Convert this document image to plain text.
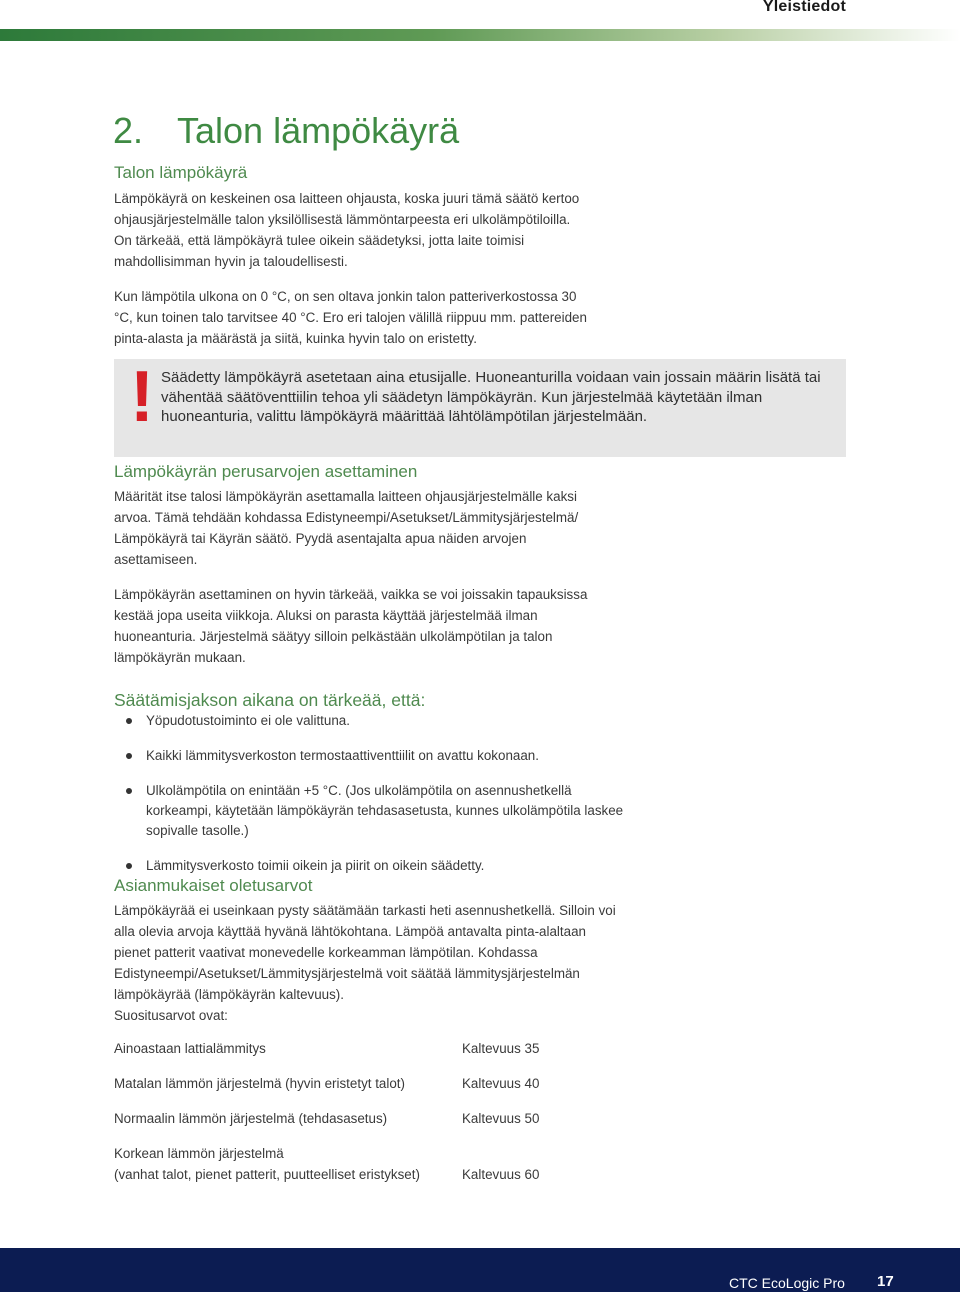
Yleistiedot
2. Talon lämpökäyrä
Talon lämpökäyrä

Lämpökäyrä on keskeinen osa laitteen ohjausta, koska juuri tämä säätö kertoo ohjausjärjestelmälle talon yksilöllisestä lämmöntarpeesta eri ulkolämpötiloilla. On tärkeää, että lämpökäyrä tulee oikein säädetyksi, jotta laite toimisi mahdollisimman hyvin ja taloudellisesti.

Kun lämpötila ulkona on 0 °C, on sen oltava jonkin talon patteriverkostossa 30 °C, kun toinen talo tarvitsee 40 °C. Ero eri talojen välillä riippuu mm. pattereiden pinta-alasta ja määrästä ja siitä, kuinka hyvin talo on eristetty.

! Säädetty lämpökäyrä asetetaan aina etusijalle. Huoneanturilla voidaan vain jossain määrin lisätä tai vähentää säätöventtiilin tehoa yli säädetyn lämpökäyrän. Kun järjestelmää käytetään ilman huoneanturia, valittu lämpökäyrä määrittää lähtölämpötilan järjestelmään.

Lämpökäyrän perusarvojen asettaminen

Määrität itse talosi lämpökäyrän asettamalla laitteen ohjausjärjestelmälle kaksi arvoa. Tämä tehdään kohdassa Edistyneempi/Asetukset/Lämmitysjärjestelmä/ Lämpökäyrä tai Käyrän säätö. Pyydä asentajalta apua näiden arvojen asettamiseen.

Lämpökäyrän asettaminen on hyvin tärkeää, vaikka se voi joissakin tapauksissa kestää jopa useita viikkoja. Aluksi on parasta käyttää järjestelmää ilman huoneanturia. Järjestelmä säätyy silloin pelkästään ulkolämpötilan ja talon lämpökäyrän mukaan.

Säätämisjakson aikana on tärkeää, että:
Yöpudotustoiminto ei ole valittuna.
Kaikki lämmitysverkoston termostaattiventtiilit on avattu kokonaan.
Ulkolämpötila on enintään +5 °C. (Jos ulkolämpötila on asennushetkellä korkeampi, käytetään lämpökäyrän tehdasasetusta, kunnes ulkolämpötila laskee sopivalle tasolle.)
Lämmitysverkosto toimii oikein ja piirit on oikein säädetty.
Asianmukaiset oletusarvot

Lämpökäyrää ei useinkaan pysty säätämään tarkasti heti asennushetkellä. Silloin voi alla olevia arvoja käyttää hyvänä lähtökohtana. Lämpöä antavalta pinta-alaltaan pienet patterit vaativat monevedelle korkeamman lämpötilan. Kohdassa Edistyneempi/Asetukset/Lämmitysjärjestelmä voit säätää lämmitysjärjestelmän lämpökäyrää (lämpökäyrän kaltevuus).
Suositusarvot ovat:

Ainoastaan lattialämmitys	Kaltevuus 35
Matalan lämmön järjestelmä (hyvin eristetyt talot)	Kaltevuus 40
Normaalin lämmön järjestelmä (tehdasasetus)	Kaltevuus 50
Korkean lämmön järjestelmä
(vanhat talot, pienet patterit, puutteelliset eristykset)	Kaltevuus 60
CTC EcoLogic Pro 17
